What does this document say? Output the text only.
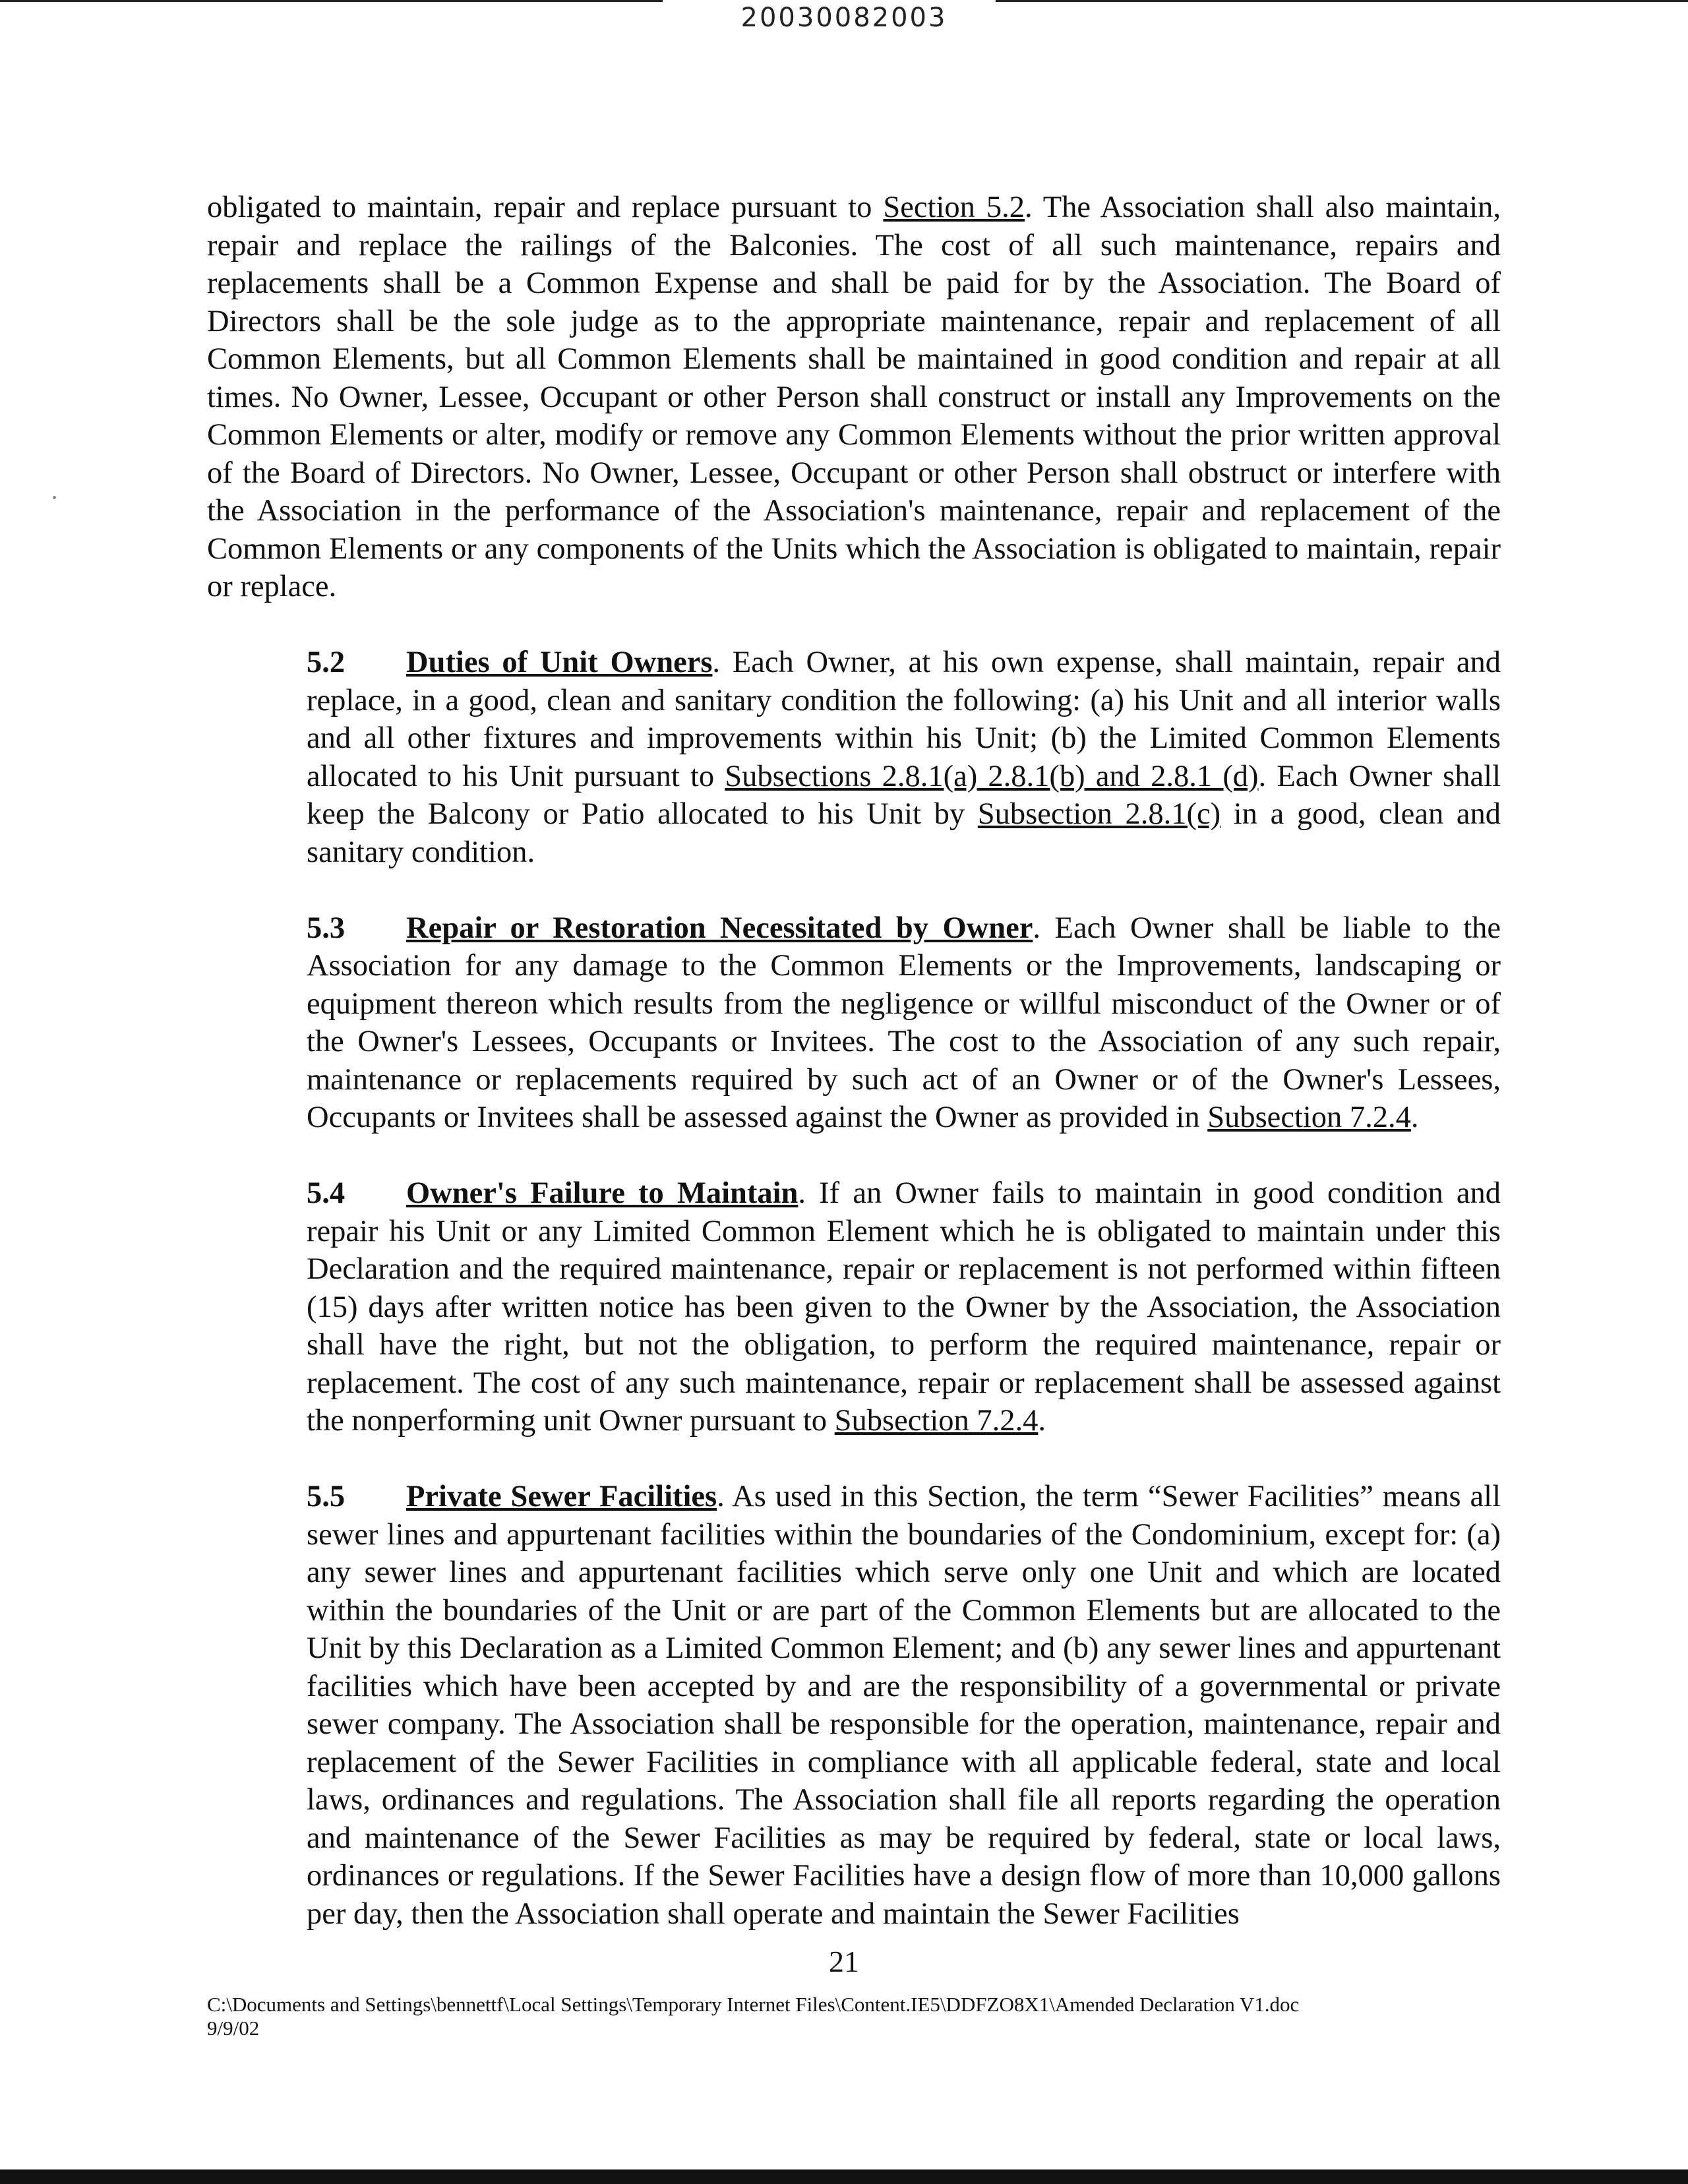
20030082003

obligated to maintain, repair and replace pursuant to Section 5.2. The Association shall also maintain, repair and replace the railings of the Balconies. The cost of all such maintenance, repairs and replacements shall be a Common Expense and shall be paid for by the Association. The Board of Directors shall be the sole judge as to the appropriate maintenance, repair and replacement of all Common Elements, but all Common Elements shall be maintained in good condition and repair at all times. No Owner, Lessee, Occupant or other Person shall construct or install any Improvements on the Common Elements or alter, modify or remove any Common Elements without the prior written approval of the Board of Directors. No Owner, Lessee, Occupant or other Person shall obstruct or interfere with the Association in the performance of the Association's maintenance, repair and replacement of the Common Elements or any components of the Units which the Association is obligated to maintain, repair or replace.

5.2 Duties of Unit Owners. Each Owner, at his own expense, shall maintain, repair and replace, in a good, clean and sanitary condition the following: (a) his Unit and all interior walls and all other fixtures and improvements within his Unit; (b) the Limited Common Elements allocated to his Unit pursuant to Subsections 2.8.1(a) 2.8.1(b) and 2.8.1 (d). Each Owner shall keep the Balcony or Patio allocated to his Unit by Subsection 2.8.1(c) in a good, clean and sanitary condition.

5.3 Repair or Restoration Necessitated by Owner. Each Owner shall be liable to the Association for any damage to the Common Elements or the Improvements, landscaping or equipment thereon which results from the negligence or willful misconduct of the Owner or of the Owner's Lessees, Occupants or Invitees. The cost to the Association of any such repair, maintenance or replacements required by such act of an Owner or of the Owner's Lessees, Occupants or Invitees shall be assessed against the Owner as provided in Subsection 7.2.4.

5.4 Owner's Failure to Maintain. If an Owner fails to maintain in good condition and repair his Unit or any Limited Common Element which he is obligated to maintain under this Declaration and the required maintenance, repair or replacement is not performed within fifteen (15) days after written notice has been given to the Owner by the Association, the Association shall have the right, but not the obligation, to perform the required maintenance, repair or replacement. The cost of any such maintenance, repair or replacement shall be assessed against the nonperforming unit Owner pursuant to Subsection 7.2.4.

5.5 Private Sewer Facilities. As used in this Section, the term “Sewer Facilities” means all sewer lines and appurtenant facilities within the boundaries of the Condominium, except for: (a) any sewer lines and appurtenant facilities which serve only one Unit and which are located within the boundaries of the Unit or are part of the Common Elements but are allocated to the Unit by this Declaration as a Limited Common Element; and (b) any sewer lines and appurtenant facilities which have been accepted by and are the responsibility of a governmental or private sewer company. The Association shall be responsible for the operation, maintenance, repair and replacement of the Sewer Facilities in compliance with all applicable federal, state and local laws, ordinances and regulations. The Association shall file all reports regarding the operation and maintenance of the Sewer Facilities as may be required by federal, state or local laws, ordinances or regulations. If the Sewer Facilities have a design flow of more than 10,000 gallons per day, then the Association shall operate and maintain the Sewer Facilities

21

C:\Documents and Settings\bennettf\Local Settings\Temporary Internet Files\Content.IE5\DDFZO8X1\Amended Declaration V1.doc

9/9/02
